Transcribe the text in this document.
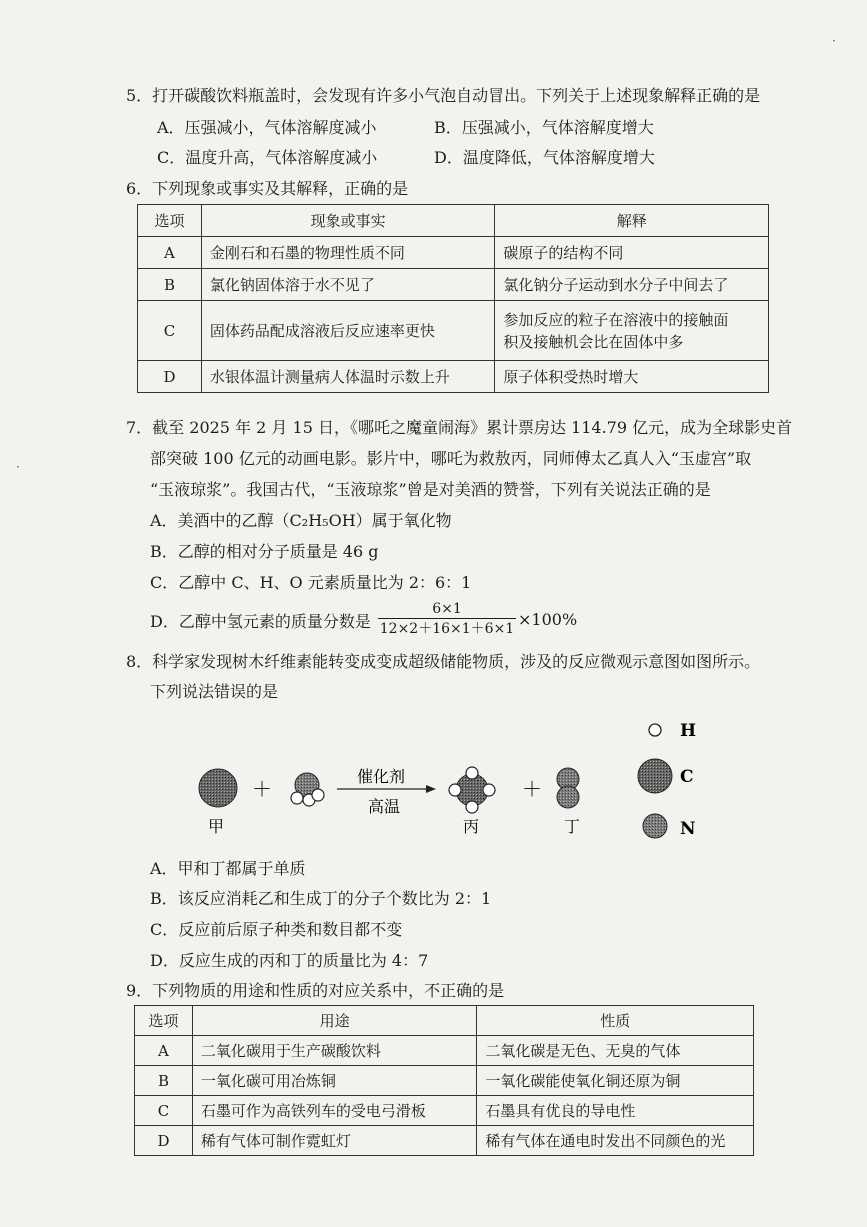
5．打开碳酸饮料瓶盖时，会发现有许多小气泡自动冒出。下列关于上述现象解释正确的是
A．压强减小，气体溶解度减小	B．压强减小，气体溶解度增大
C．温度升高，气体溶解度减小	D．温度降低，气体溶解度增大
6．下列现象或事实及其解释，正确的是
选项	现象或事实	解释
A	金刚石和石墨的物理性质不同	碳原子的结构不同
B	氯化钠固体溶于水不见了	氯化钠分子运动到水分子中间去了
C	固体药品配成溶液后反应速率更快	参加反应的粒子在溶液中的接触面
积及接触机会比在固体中多

D	水银体温计测量病人体温时示数上升	原子体积受热时增大
7．截至 2025 年 2 月 15 日，《哪吒之魔童闹海》累计票房达 114.79 亿元，成为全球影史首
部突破 100 亿元的动画电影。影片中，哪吒为救敖丙，同师傅太乙真人入“玉虚宫”取
“玉液琼浆”。我国古代，“玉液琼浆”曾是对美酒的赞誉，下列有关说法正确的是
A．美酒中的乙醇（C₂H₅OH）属于氧化物
B．乙醇的相对分子质量是 46 g
C．乙醇中 C、H、O 元素质量比为 2：6：1
D．乙醇中氢元素的质量分数是
6×1
12×2＋16×1＋6×1 ×100%
8．科学家发现树木纤维素能转变成变成超级储能物质，涉及的反应微观示意图如图所示。
下列说法错误的是
＋
催化剂
高温
＋
甲	丙	丁
H
C
N
A．甲和丁都属于单质
B．该反应消耗乙和生成丁的分子个数比为 2：1
C．反应前后原子种类和数目都不变
D．反应生成的丙和丁的质量比为 4：7
9．下列物质的用途和性质的对应关系中，不正确的是
选项	用途	性质
A	二氧化碳用于生产碳酸饮料	二氧化碳是无色、无臭的气体
B	一氧化碳可用冶炼铜	一氧化碳能使氧化铜还原为铜
C	石墨可作为高铁列车的受电弓滑板	石墨具有优良的导电性
D	稀有气体可制作霓虹灯	稀有气体在通电时发出不同颜色的光
·
·
